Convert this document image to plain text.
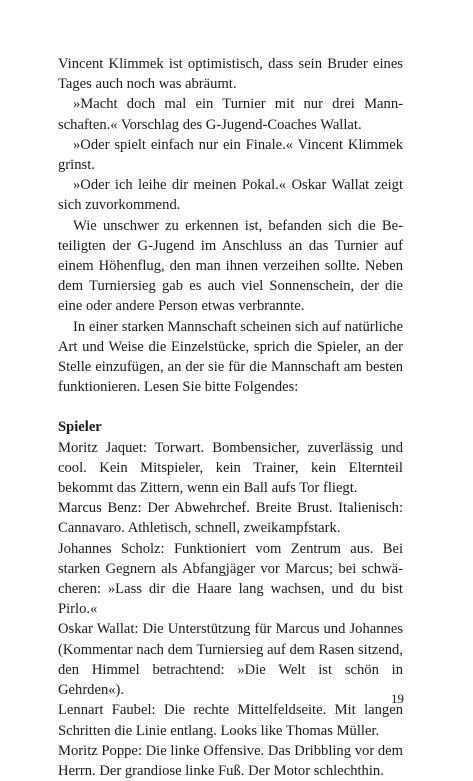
Vincent Klimmek ist optimistisch, dass sein Bruder eines Tages auch noch was abräumt.

»Macht doch mal ein Turnier mit nur drei Mannschaften.« Vorschlag des G-Jugend-Coaches Wallat.

»Oder spielt einfach nur ein Finale.« Vincent Klimmek grinst.

»Oder ich leihe dir meinen Pokal.« Oskar Wallat zeigt sich zuvorkommend.

Wie unschwer zu erkennen ist, befanden sich die Beteiligten der G-Jugend im Anschluss an das Turnier auf einem Höhenflug, den man ihnen verzeihen sollte. Neben dem Turniersieg gab es auch viel Sonnenschein, der die eine oder andere Person etwas verbrannte.

In einer starken Mannschaft scheinen sich auf natürliche Art und Weise die Einzelstücke, sprich die Spieler, an der Stelle einzufügen, an der sie für die Mannschaft am besten funktionieren. Lesen Sie bitte Folgendes:

Spieler

Moritz Jaquet: Torwart. Bombensicher, zuverlässig und cool. Kein Mitspieler, kein Trainer, kein Elternteil bekommt das Zittern, wenn ein Ball aufs Tor fliegt.

Marcus Benz: Der Abwehrchef. Breite Brust. Italienisch: Cannavaro. Athletisch, schnell, zweikampfstark.

Johannes Scholz: Funktioniert vom Zentrum aus. Bei starken Gegnern als Abfangjäger vor Marcus; bei schwächeren: »Lass dir die Haare lang wachsen, und du bist Pirlo.«

Oskar Wallat: Die Unterstützung für Marcus und Johannes (Kommentar nach dem Turniersieg auf dem Rasen sitzend, den Himmel betrachtend: »Die Welt ist schön in Gehrden«).

Lennart Faubel: Die rechte Mittelfeldseite. Mit langen Schritten die Linie entlang. Looks like Thomas Müller.

Moritz Poppe: Die linke Offensive. Das Dribbling vor dem Herrn. Der grandiose linke Fuß. Der Motor schlechthin.

19
